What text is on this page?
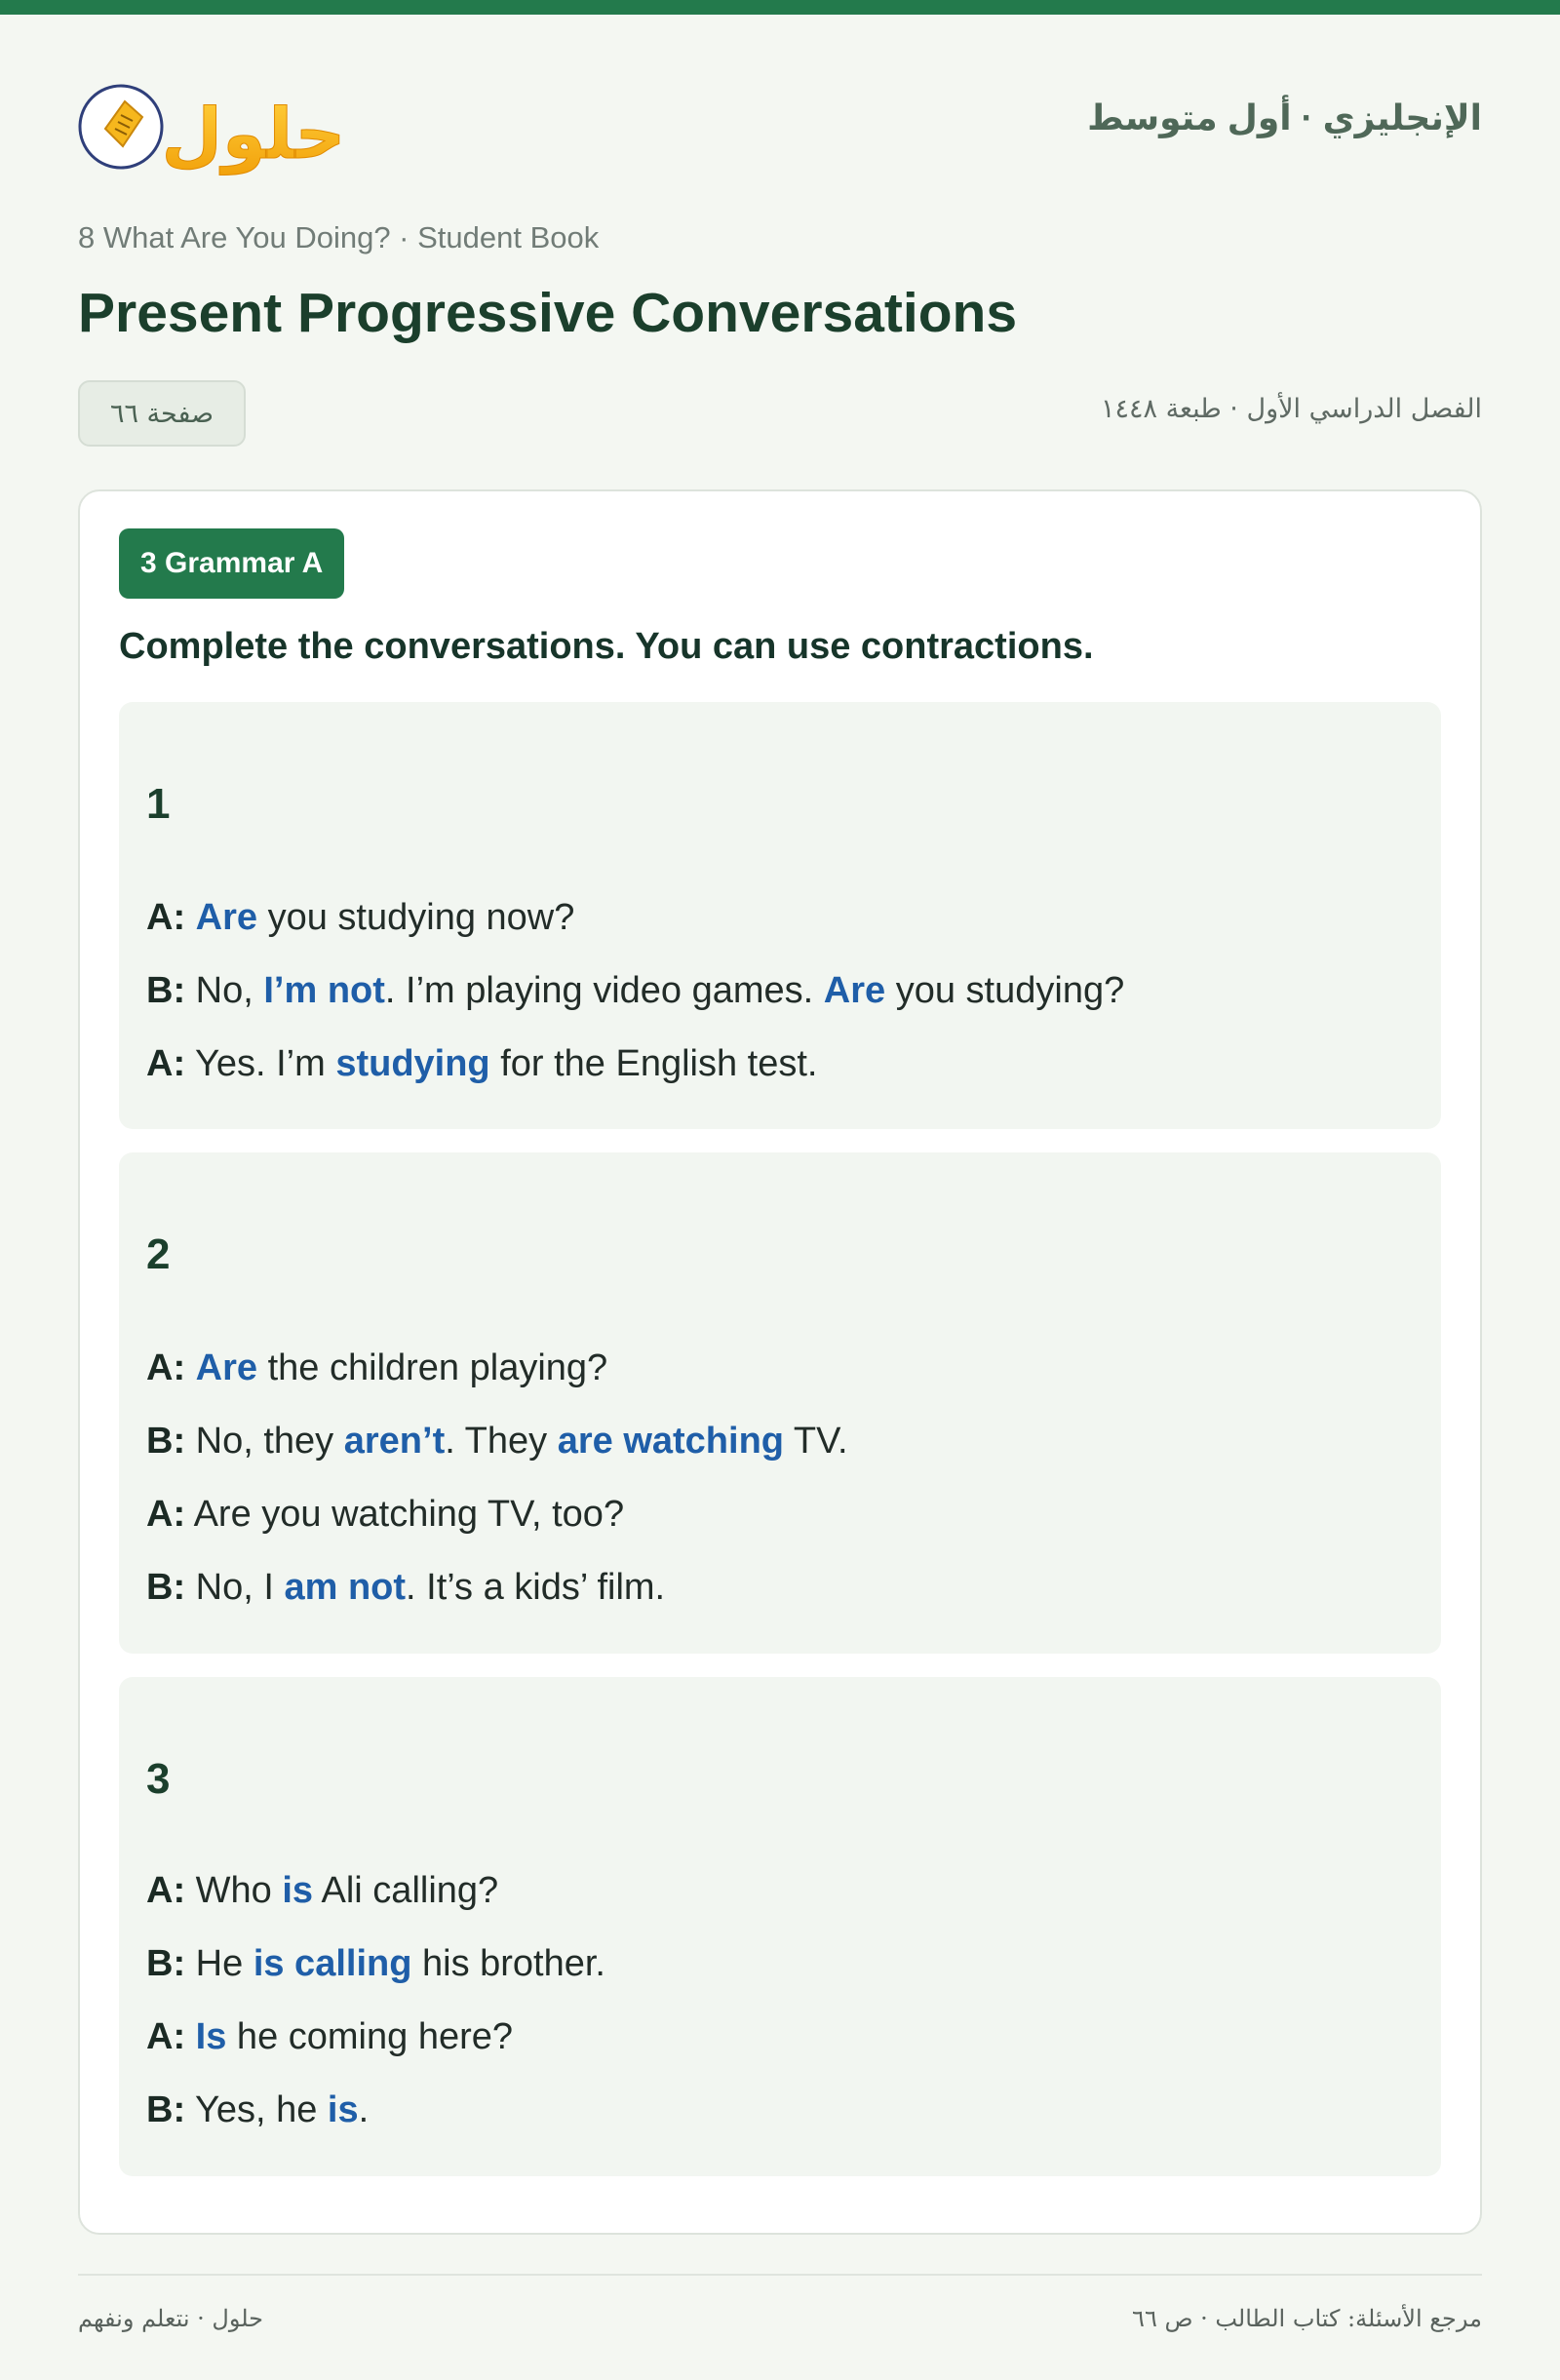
حلول	الإنجليزي · أول متوسط
8 What Are You Doing? · Student Book
Present Progressive Conversations
صفحة ٦٦	الفصل الدراسي الأول · طبعة ١٤٤٨
3 Grammar A

Complete the conversations. You can use contractions.

1
A: Are you studying now?
B: No, I’m not. I’m playing video games. Are you studying?
A: Yes. I’m studying for the English test.
2
A: Are the children playing?
B: No, they aren’t. They are watching TV.
A: Are you watching TV, too?
B: No, I am not. It’s a kids’ film.
3
A: Who is Ali calling?
B: He is calling his brother.
A: Is he coming here?
B: Yes, he is.
حلول · نتعلم ونفهم	مرجع الأسئلة: كتاب الطالب · ص ٦٦
